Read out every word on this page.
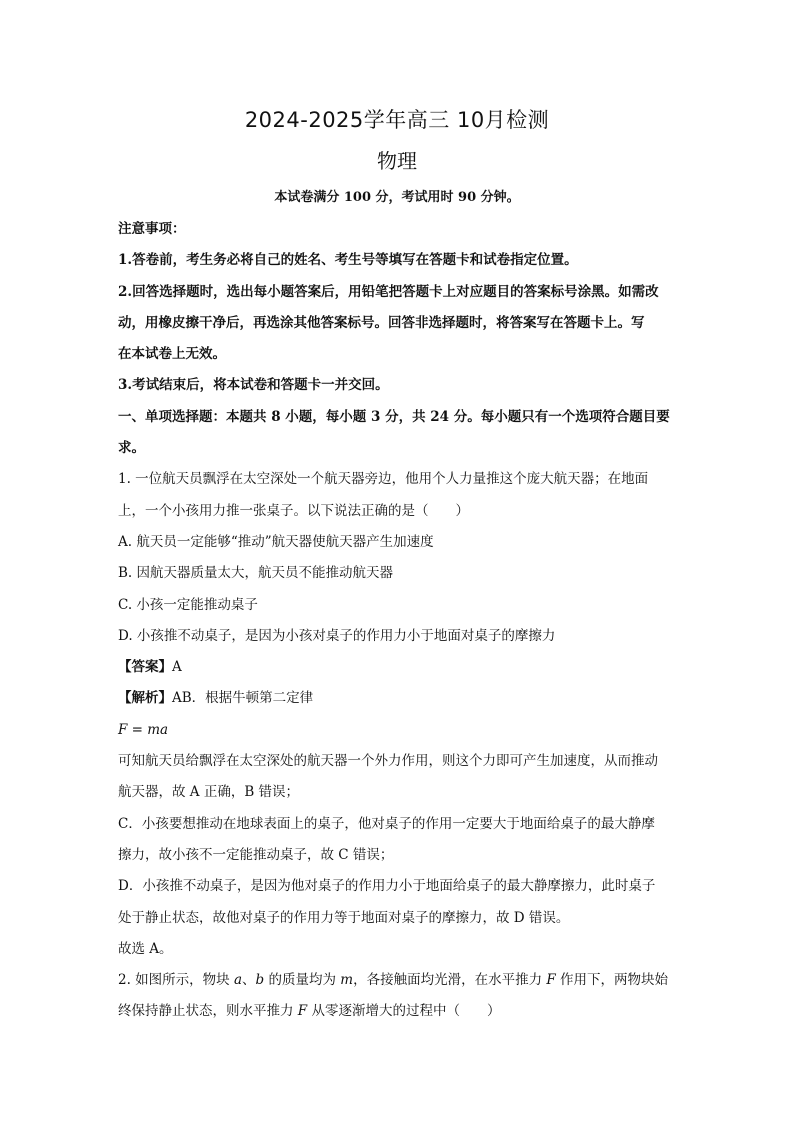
2024-2025学年高三 10月检测
物理
本试卷满分 100 分，考试用时 90 分钟。
注意事项：
1.答卷前，考生务必将自己的姓名、考生号等填写在答题卡和试卷指定位置。
2.回答选择题时，选出每小题答案后，用铅笔把答题卡上对应题目的答案标号涂黑。如需改
动，用橡皮擦干净后，再选涂其他答案标号。回答非选择题时，将答案写在答题卡上。写
在本试卷上无效。
3.考试结束后，将本试卷和答题卡一并交回。
一、单项选择题：本题共 8 小题，每小题 3 分，共 24 分。每小题只有一个选项符合题目要
求。
1. 一位航天员飘浮在太空深处一个航天器旁边，他用个人力量推这个庞大航天器；在地面
上，一个小孩用力推一张桌子。以下说法正确的是（　　）
A. 航天员一定能够“推动”航天器使航天器产生加速度
B. 因航天器质量太大，航天员不能推动航天器
C. 小孩一定能推动桌子
D. 小孩推不动桌子，是因为小孩对桌子的作用力小于地面对桌子的摩擦力
【答案】A
【解析】AB．根据牛顿第二定律
F = ma
可知航天员给飘浮在太空深处的航天器一个外力作用，则这个力即可产生加速度，从而推动
航天器，故 A 正确，B 错误；
C．小孩要想推动在地球表面上的桌子，他对桌子的作用一定要大于地面给桌子的最大静摩
擦力，故小孩不一定能推动桌子，故 C 错误；
D．小孩推不动桌子，是因为他对桌子的作用力小于地面给桌子的最大静摩擦力，此时桌子
处于静止状态，故他对桌子的作用力等于地面对桌子的摩擦力，故 D 错误。
故选 A。
2. 如图所示，物块 a、b 的质量均为 m，各接触面均光滑，在水平推力 F 作用下，两物块始
终保持静止状态，则水平推力 F 从零逐渐增大的过程中（　　）
